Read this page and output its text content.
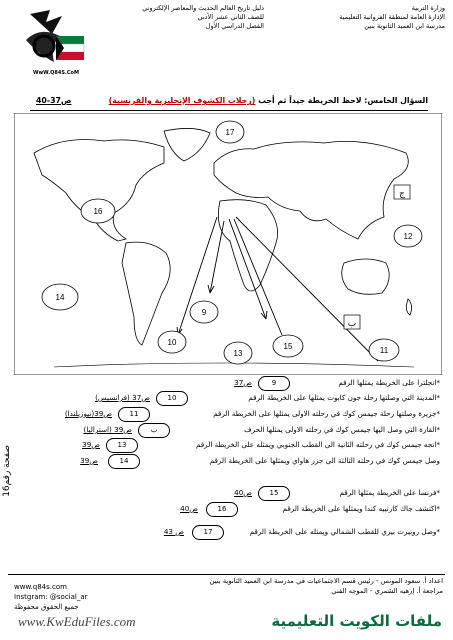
وزارة التربية
الإدارة العامة لمنطقة الفروانية التعليمية
مدرسة ابن العميد الثانوية بنين
دليل تاريخ العالم الحديث والمعاصر الإلكتروني
للصف الثاني عشر الأدبي
الفصل الدراسي الأول
WwW.Q84S.CoM
السؤال الخامس: لاحظ الخريطة جيداً ثم أجب (رحلات الكشوف الإنجليزية والفرنسية)
ص37-40
17
16
12
14
9
10
13
15	11
ج
ب
*انجلترا على الخريطة يمثلها الرقم
9
ص37
*المدينة التي وصلتها رحلة جون كابوت يمثلها على الخريطة الرقم
10
ص37 (فرانسيس)
*جزيرة وصلتها رحلة جيمس كوك في رحلته الاولى يمثلها على الخريطة الرقم
11
ص39(نيوزيلندا)
*القارة التي وصل اليها جيمس كوك في رحلته الاولى يمثلها الحرف
ب
ص39 (استراليا)
*اتجه جيمس كوك في رحلته الثانية الى القطب الجنوبي ويمثله على الخريطة الرقم
13
ص39
وصل جيمس كوك في رحلته الثالثة الى جزر هاواي ويمثلها على الخريطة الرقم
14
ص39
*فرنسا على الخريطة يمثلها الرقم
15
ص40
*اكتشف جاك كارتييه كندا ويمثلها على الخريطة الرقم
16
ص40
*وصل روبيرت بيري للقطب الشمالي ويمثله على الخريطة الرقم
17
ص 43
صفحة رقم16
www.q84s.com
Instgram: @social_ar
جميع الحقوق محفوظة
اعداد أ. سعود المونس - رئيس قسم الاجتماعيات في مدرسة ابن العميد الثانوية بنين
مراجعة أ. إرهيه الشمري - الموجه الفني
ملفات الكويت التعليمية
www.KwEduFiles.com
